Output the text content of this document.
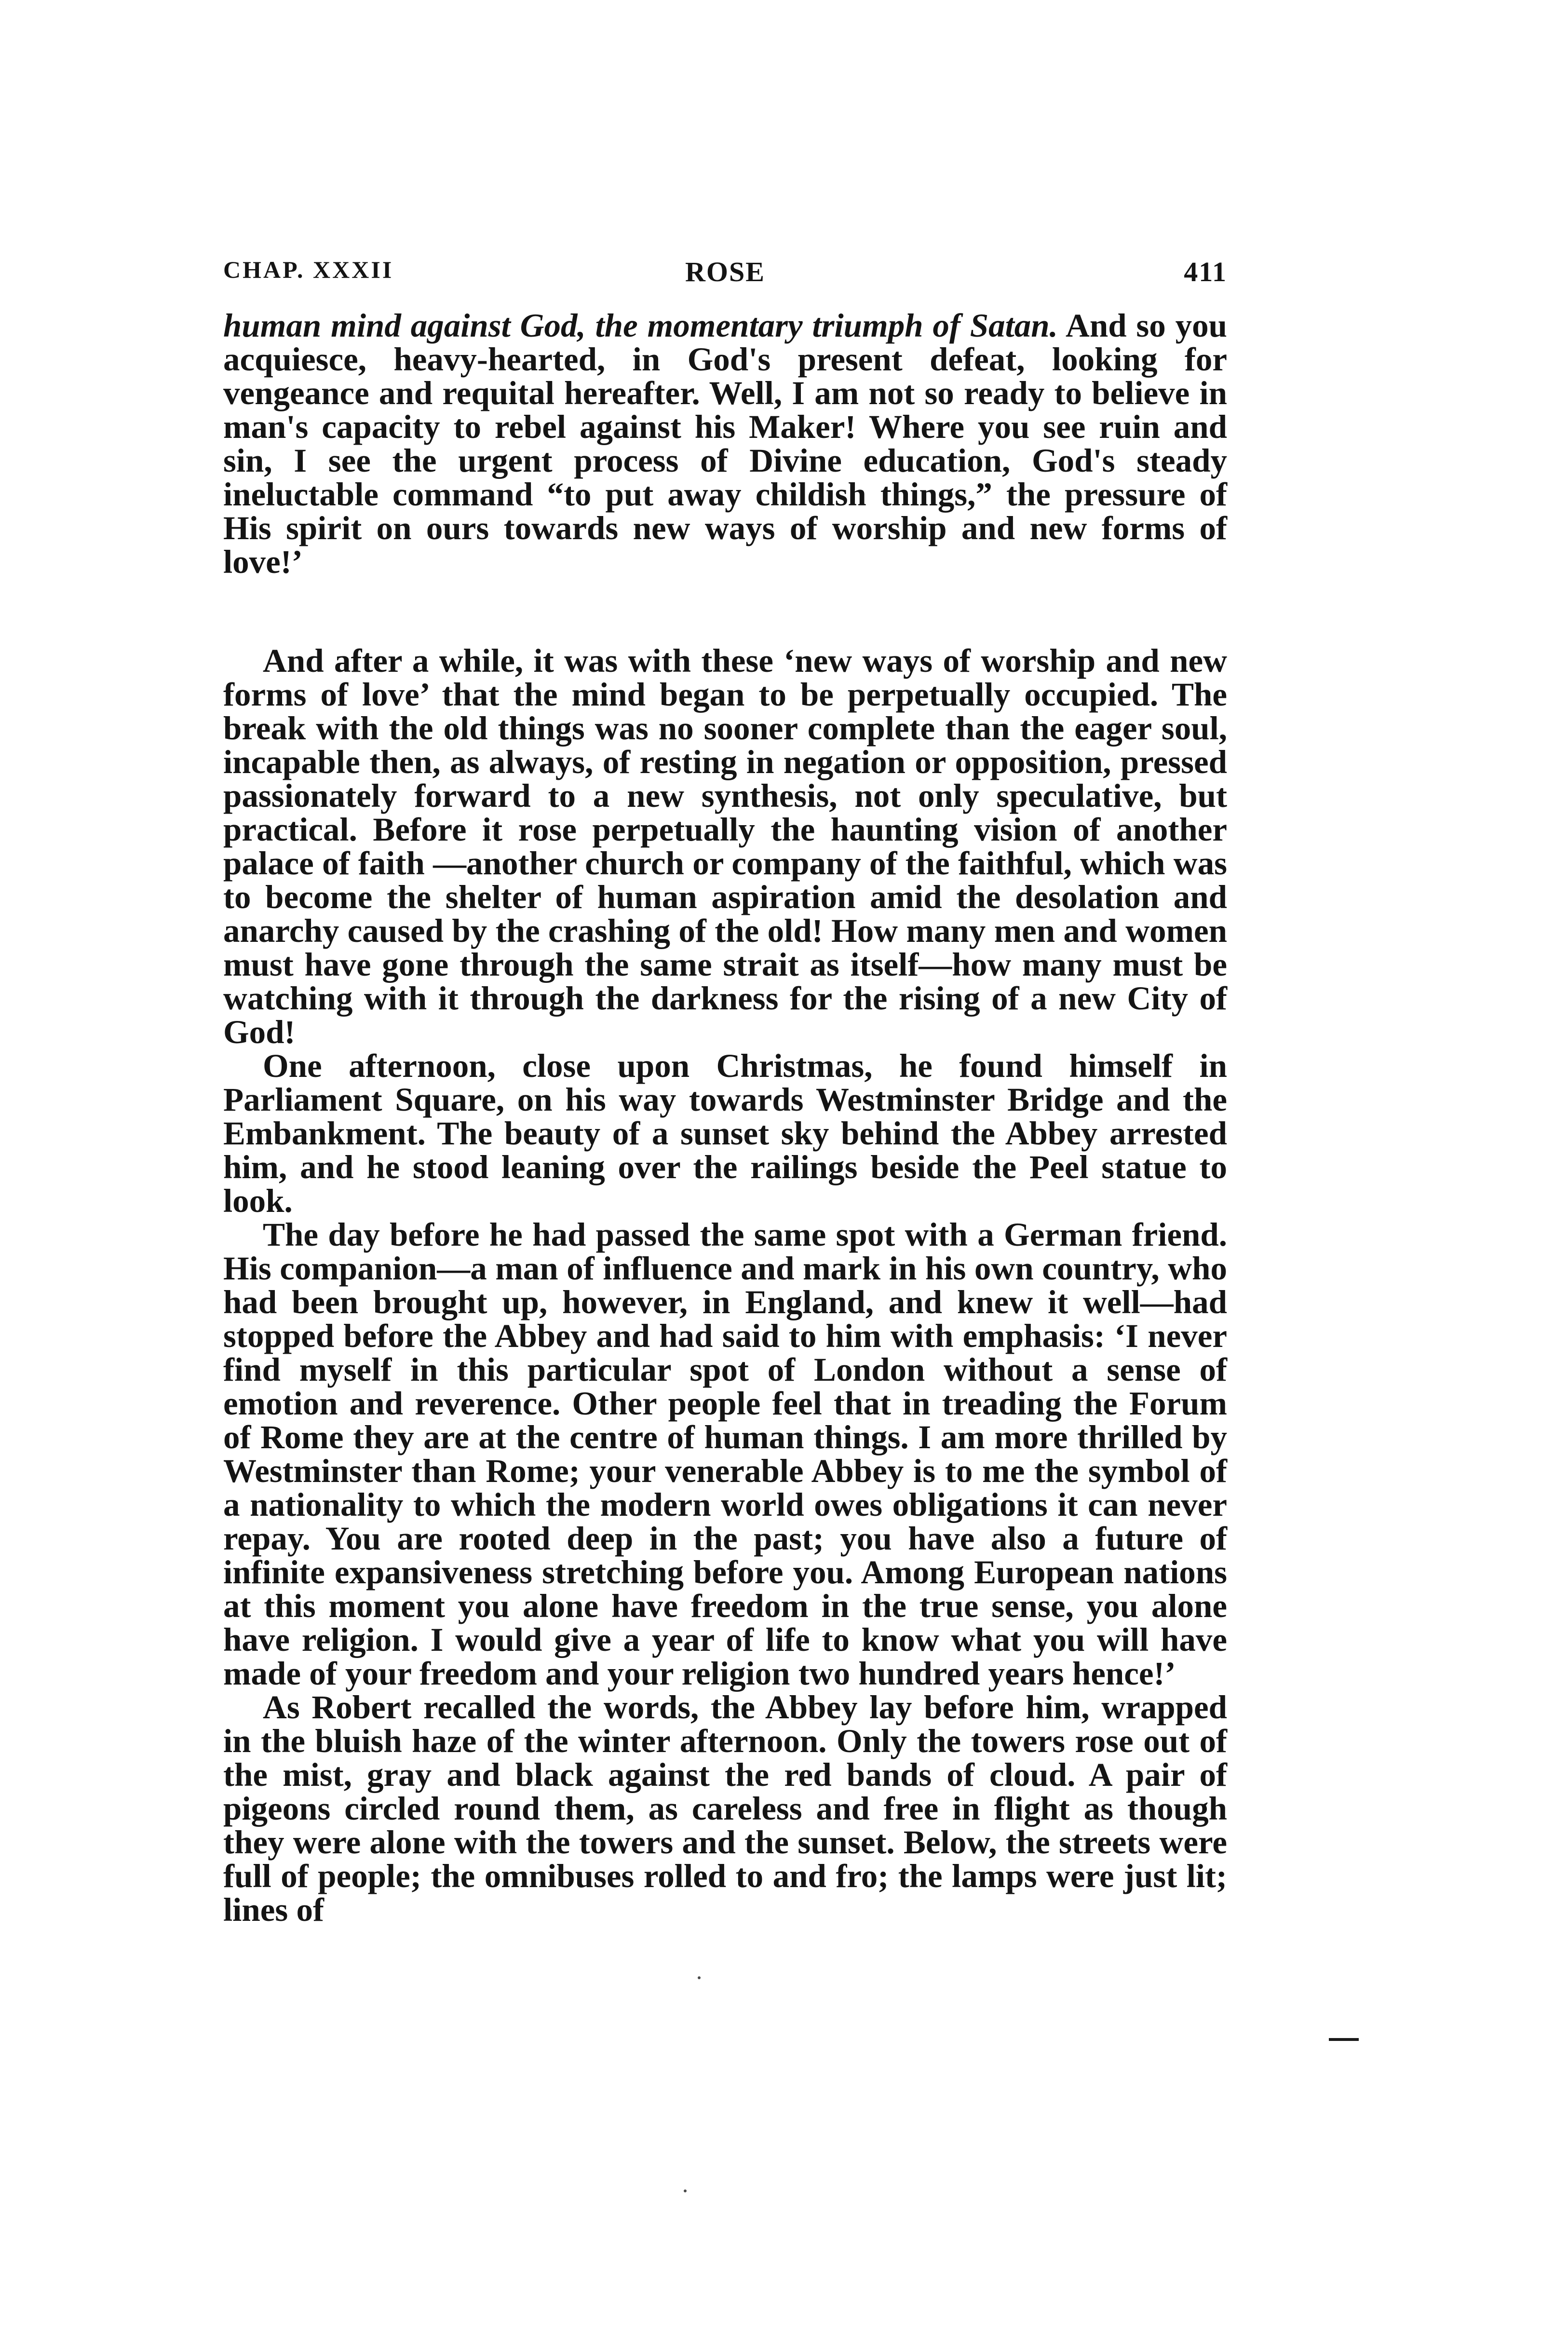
CHAP. XXXII	ROSE	411

human mind against God, the momentary triumph of Satan. And so you acquiesce, heavy-hearted, in God's present defeat, looking for vengeance and requital hereafter. Well, I am not so ready to believe in man's capacity to rebel against his Maker! Where you see ruin and sin, I see the urgent process of Divine education, God's steady ineluctable command “to put away childish things,” the pressure of His spirit on ours towards new ways of worship and new forms of love!’

And after a while, it was with these ‘new ways of worship and new forms of love’ that the mind began to be perpetually occupied. The break with the old things was no sooner complete than the eager soul, incapable then, as always, of resting in negation or opposition, pressed passionately forward to a new synthesis, not only speculative, but practical. Before it rose perpetually the haunting vision of another palace of faith —another church or company of the faithful, which was to become the shelter of human aspiration amid the desolation and anarchy caused by the crashing of the old! How many men and women must have gone through the same strait as itself—how many must be watching with it through the darkness for the rising of a new City of God!

One afternoon, close upon Christmas, he found himself in Parliament Square, on his way towards Westminster Bridge and the Embankment. The beauty of a sunset sky behind the Abbey arrested him, and he stood leaning over the railings beside the Peel statue to look.

The day before he had passed the same spot with a German friend. His companion—a man of influence and mark in his own country, who had been brought up, however, in England, and knew it well—had stopped before the Abbey and had said to him with emphasis: ‘I never find myself in this particular spot of London without a sense of emotion and reverence. Other people feel that in treading the Forum of Rome they are at the centre of human things. I am more thrilled by Westminster than Rome; your venerable Abbey is to me the symbol of a nationality to which the modern world owes obligations it can never repay. You are rooted deep in the past; you have also a future of infinite expansiveness stretching before you. Among European nations at this moment you alone have freedom in the true sense, you alone have religion. I would give a year of life to know what you will have made of your freedom and your religion two hundred years hence!’

As Robert recalled the words, the Abbey lay before him, wrapped in the bluish haze of the winter afternoon. Only the towers rose out of the mist, gray and black against the red bands of cloud. A pair of pigeons circled round them, as careless and free in flight as though they were alone with the towers and the sunset. Below, the streets were full of people; the omnibuses rolled to and fro; the lamps were just lit; lines of
